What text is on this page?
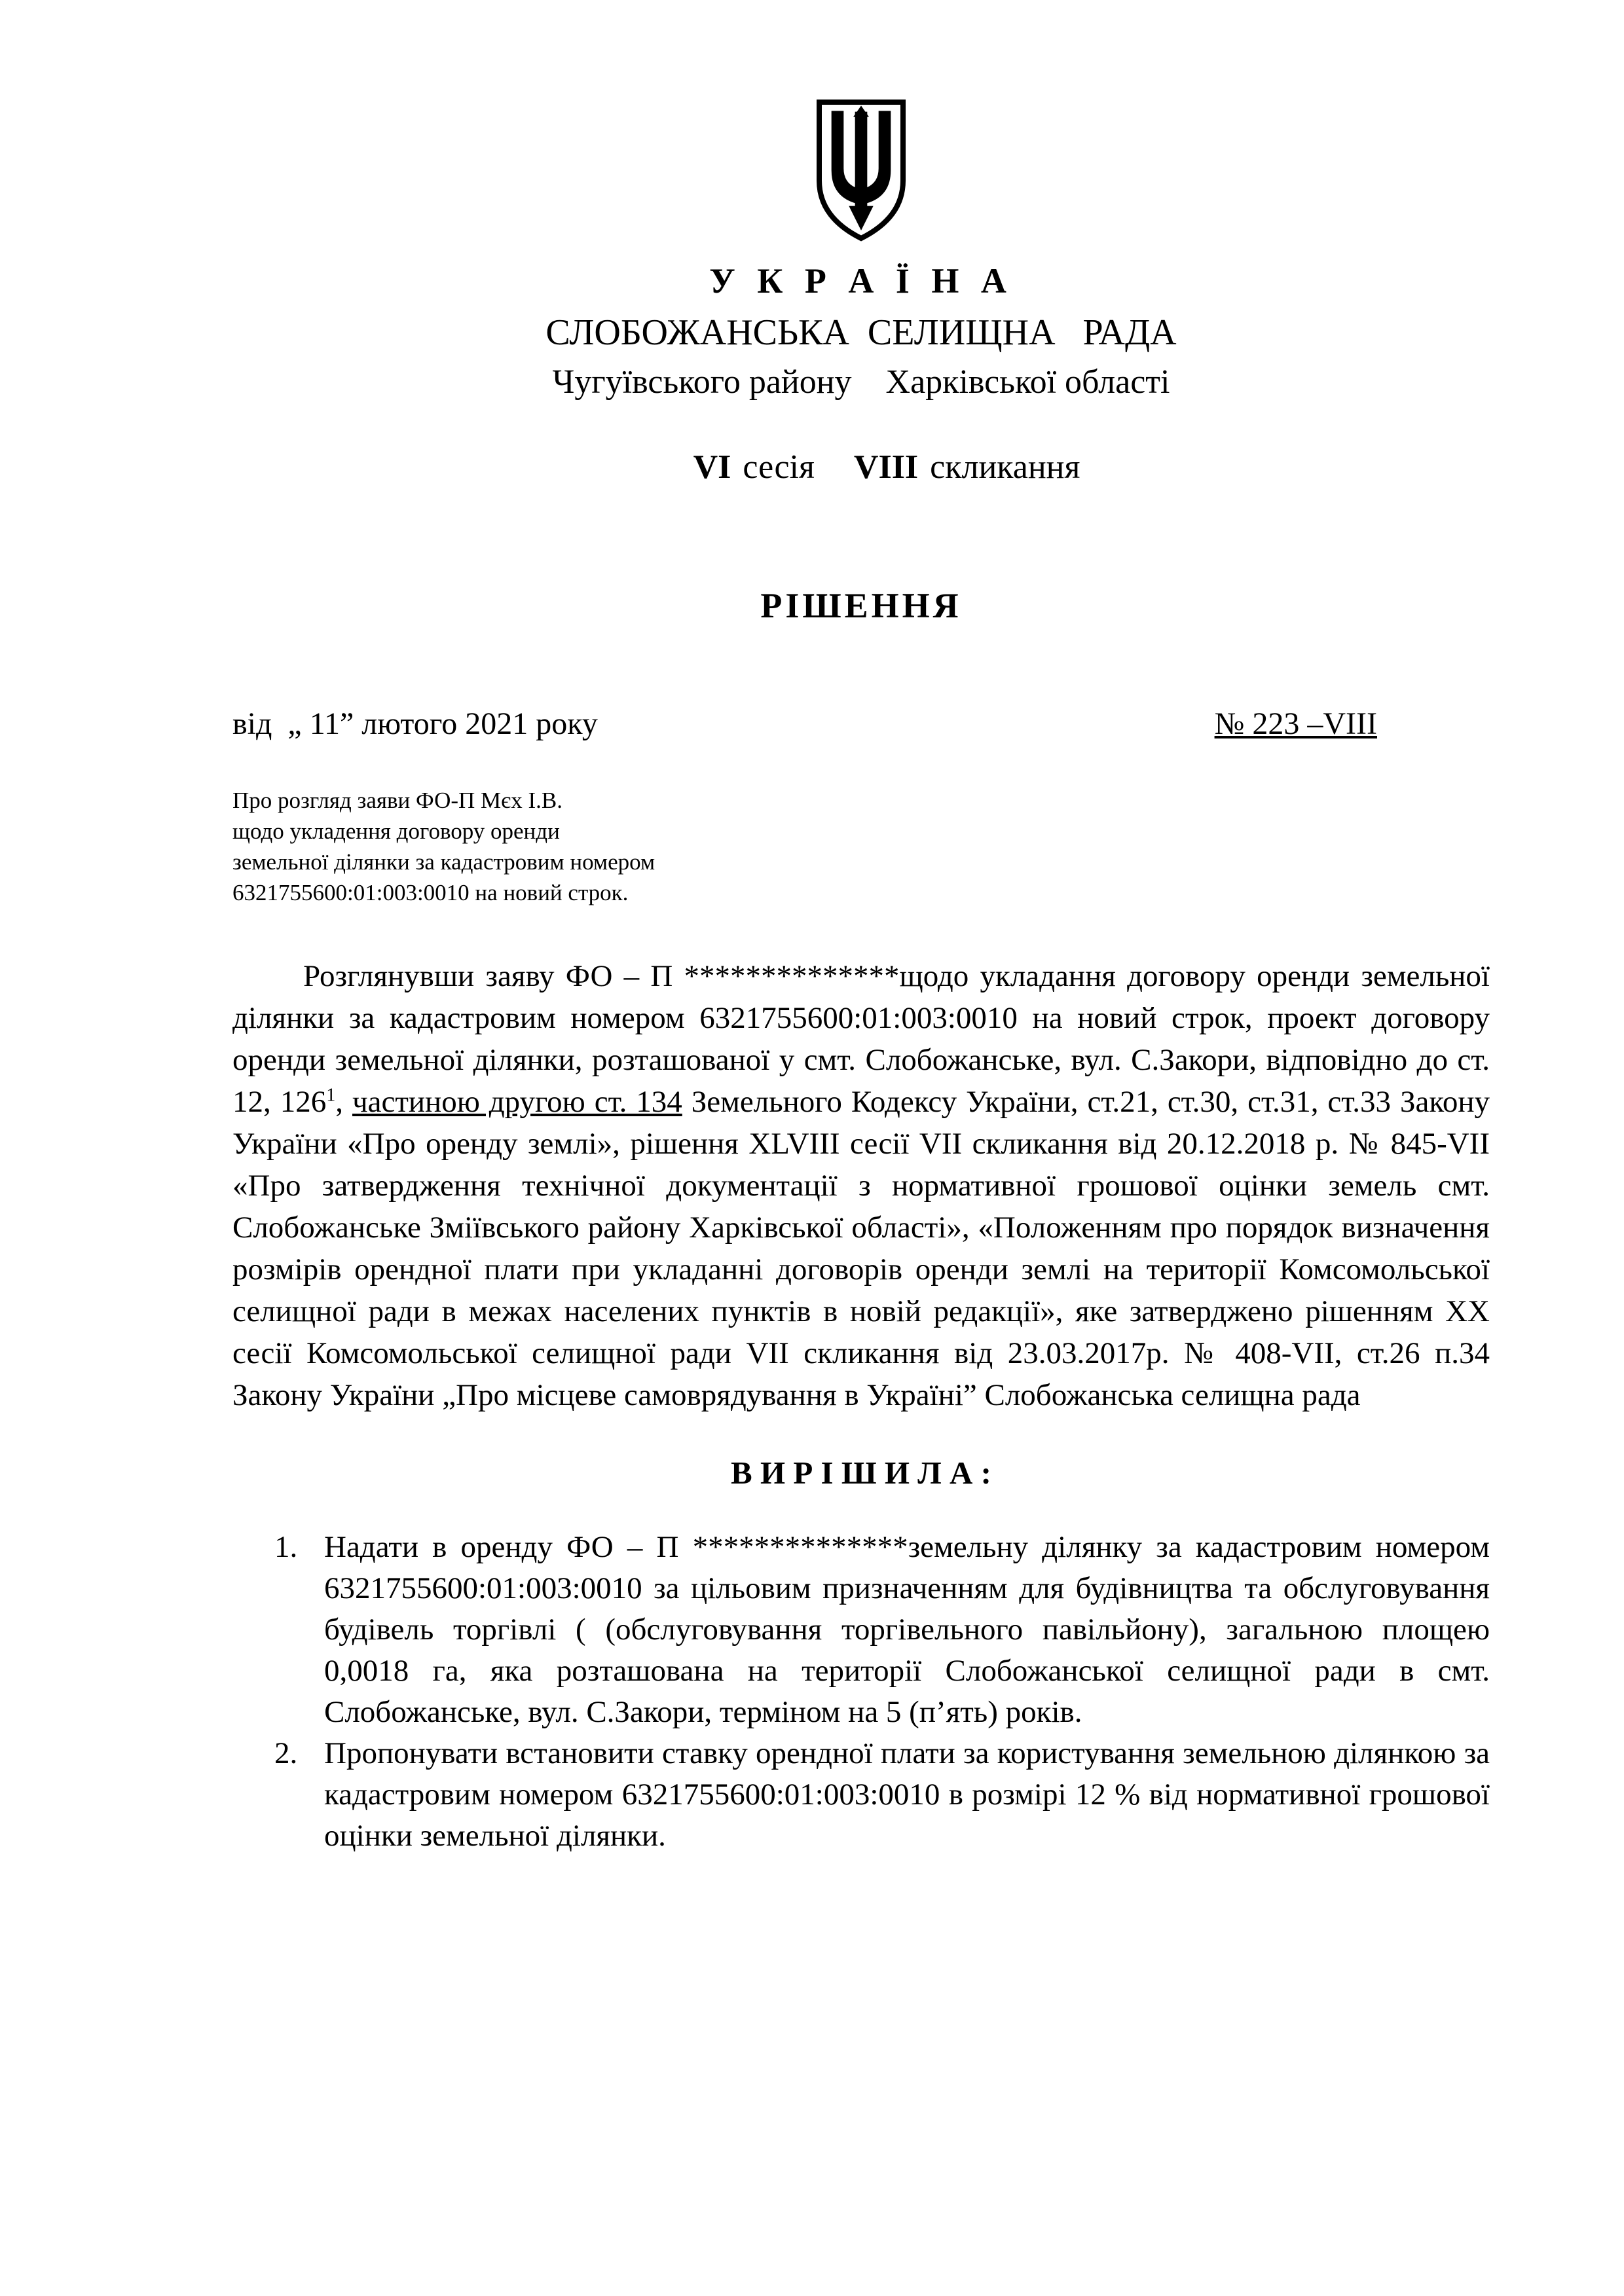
У К Р А Ї Н А
СЛОБОЖАНСЬКА  СЕЛИЩНА   РАДА
Чугуївського району    Харківської області

VI сесія VIII скликання

РІШЕННЯ
від  „ 11” лютого 2021 року	№ 223 –VIII
Про розгляд заяви ФО-П Мєх І.В.
щодо укладення договору оренди
земельної ділянки за кадастровим номером
6321755600:01:003:0010 на новий строк.

Розглянувши заяву ФО – П **************щодо укладання договору оренди земельної ділянки за кадастровим номером 6321755600:01:003:0010 на новий строк, проект договору оренди земельної ділянки, розташованої у смт. Слобожанське, вул. С.Закори, відповідно до ст. 12, $126^1$, частиною другою ст. 134 Земельного Кодексу України, ст.21, ст.30, ст.31, ст.33 Закону України «Про оренду землі», рішення XLVIII сесії VII скликання від 20.12.2018 р. № 845-VII «Про затвердження технічної документації з нормативної грошової оцінки земель смт. Слобожанське Зміївського району Харківської області», «Положенням про порядок визначення розмірів орендної плати при укладанні договорів оренди землі на території Комсомольської селищної ради в межах населених пунктів в новій редакції», яке затверджено рішенням ХХ сесії Комсомольської селищної ради VII скликання від 23.03.2017р. № 408-VII, ст.26 п.34 Закону України „Про місцеве самоврядування в Україні” Слобожанська селищна рада

В И Р І Ш И Л А :
1. Надати в оренду ФО – П **************земельну ділянку за кадастровим номером 6321755600:01:003:0010 за цільовим призначенням для будівництва та обслуговування будівель торгівлі ( (обслуговування торгівельного павільйону), загальною площею 0,0018 га, яка розташована на території Слобожанської селищної ради в смт. Слобожанське, вул. С.Закори, терміном на 5 (п’ять) років.
2. Пропонувати встановити ставку орендної плати за користування земельною ділянкою за кадастровим номером 6321755600:01:003:0010 в розмірі 12 % від нормативної грошової оцінки земельної ділянки.
